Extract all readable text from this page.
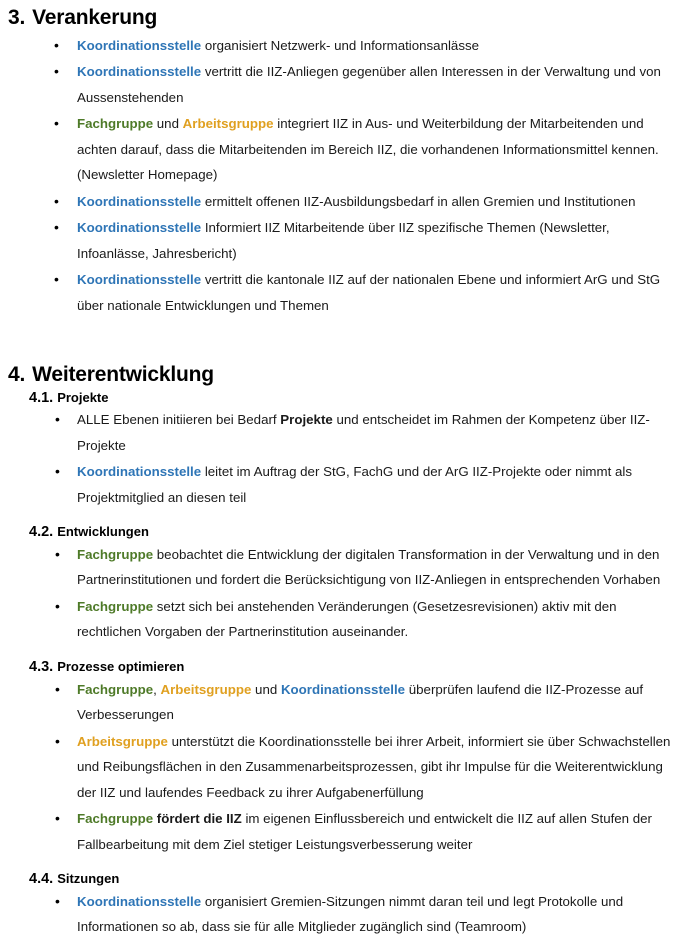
3. Verankerung
• Koordinationsstelle organisiert Netzwerk- und Informationsanlässe
• Koordinationsstelle vertritt die IIZ-Anliegen gegenüber allen Interessen in der Verwaltung und von Aussenstehenden
• Fachgruppe und Arbeitsgruppe integriert IIZ in Aus- und Weiterbildung der Mitarbeitenden und achten darauf, dass die Mitarbeitenden im Bereich IIZ, die vorhandenen Informationsmittel kennen. (Newsletter Homepage)
• Koordinationsstelle ermittelt offenen IIZ-Ausbildungsbedarf in allen Gremien und Institutionen
• Koordinationsstelle Informiert IIZ Mitarbeitende über IIZ spezifische Themen (Newsletter, Infoanlässe, Jahresbericht)
• Koordinationsstelle vertritt die kantonale IIZ auf der nationalen Ebene und informiert ArG und StG über nationale Entwicklungen und Themen
4. Weiterentwicklung
4.1. Projekte
• ALLE Ebenen initiieren bei Bedarf Projekte und entscheidet im Rahmen der Kompetenz über IIZ-Projekte
• Koordinationsstelle leitet im Auftrag der StG, FachG und der ArG IIZ-Projekte oder nimmt als Projektmitglied an diesen teil
4.2. Entwicklungen
• Fachgruppe beobachtet die Entwicklung der digitalen Transformation in der Verwaltung und in den Partnerinstitutionen und fordert die Berücksichtigung von IIZ-Anliegen in entsprechenden Vorhaben
• Fachgruppe setzt sich bei anstehenden Veränderungen (Gesetzesrevisionen) aktiv mit den rechtlichen Vorgaben der Partnerinstitution auseinander.
4.3. Prozesse optimieren
• Fachgruppe, Arbeitsgruppe und Koordinationsstelle überprüfen laufend die IIZ-Prozesse auf Verbesserungen
• Arbeitsgruppe unterstützt die Koordinationsstelle bei ihrer Arbeit, informiert sie über Schwachstellen und Reibungsflächen in den Zusammenarbeitsprozessen, gibt ihr Impulse für die Weiterentwicklung der IIZ und laufendes Feedback zu ihrer Aufgabenerfüllung
• Fachgruppe fördert die IIZ im eigenen Einflussbereich und entwickelt die IIZ auf allen Stufen der Fallbearbeitung mit dem Ziel stetiger Leistungsverbesserung weiter
4.4. Sitzungen
• Koordinationsstelle organisiert Gremien-Sitzungen nimmt daran teil und legt Protokolle und Informationen so ab, dass sie für alle Mitglieder zugänglich sind (Teamroom)
